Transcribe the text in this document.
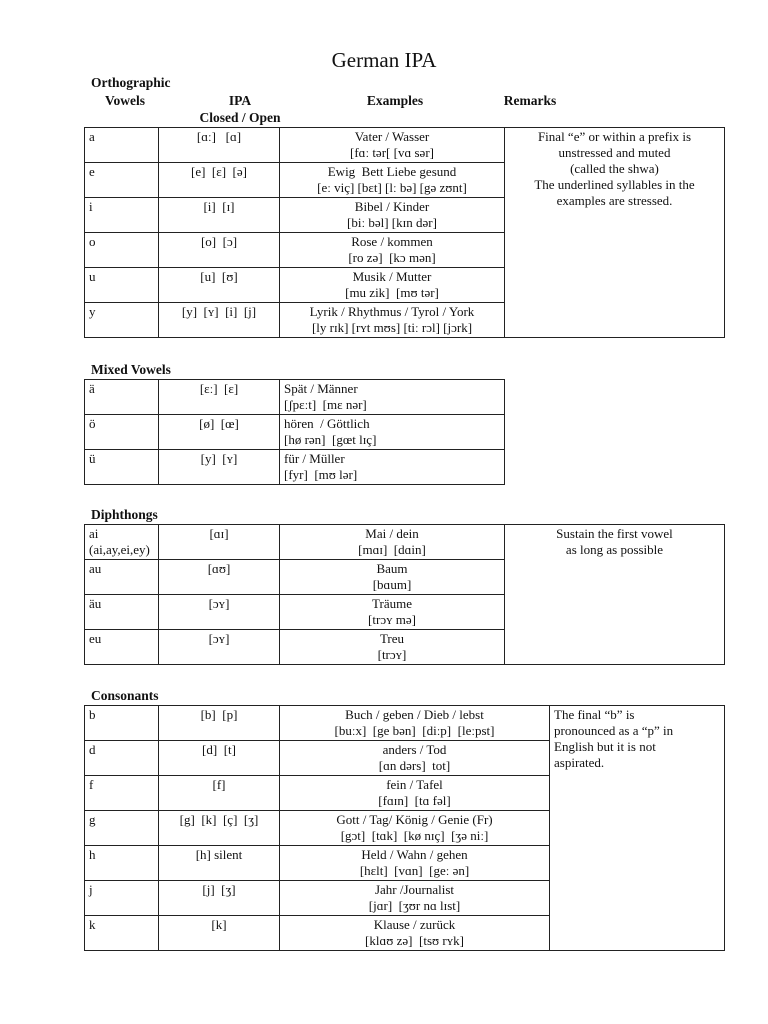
German IPA
Orthographic
Vowels	IPA
Closed / Open
Examples	Remarks
a	[ɑː]   [ɑ]	Vater / Wasser
[fɑː tər[ [vɑ sər]	Final “e” or within a prefix is
unstressed and muted
(called the shwa)
The underlined syllables in the
examples are stressed.

e	[e]  [ɛ]  [ə]	Ewig  Bett Liebe gesund
[eː viç] [bɛt] [lː bə] [gə zʊnt]	

i	[i]  [ɪ]	Bibel / Kinder
[biː bəl] [kɪn dər]	

o	[o]  [ɔ]	Rose / kommen
[ro zə]  [kɔ mən]	

u	[u]  [ʊ]	Musik / Mutter
[mu zik]  [mʊ tər]	

y	[y]  [ʏ]  [i]  [j]	Lyrik / Rhythmus / Tyrol / York
[ly rɪk] [rʏt mʊs] [tiː rɔl] [jɔrk]	
Mixed Vowels
ä	[ɛː]  [ɛ]	Spät / Männer
[ʃpɛːt]  [mɛ nər]

ö	[ø]  [œ]	hören  / Göttlich
[hø rən]  [gœt lɪç]

ü	[y]  [ʏ]	für / Müller
[fyr]  [mʊ lər]
Diphthongs
ai
(ai,ay,ei,ey)	[ɑɪ]	Mai / dein
[mɑɪ]  [dɑin]	Sustain the first vowel
as long as possible

au	[ɑʊ]	Baum
[bɑum]	

äu	[ɔʏ]	Träume
[trɔʏ mə]	

eu	[ɔʏ]	Treu
[trɔʏ]	
Consonants
b	[b]  [p]	Buch / geben / Dieb / lebst
[buːx]  [ge bən]  [diːp]  [leːpst]	The final “b” is
pronounced as a “p” in
English but it is not
aspirated.

d	[d]  [t]	anders / Tod
[ɑn dərs]  tot]	

f	[f]	fein / Tafel
[fɑɪn]  [tɑ fəl]	

g	[g]  [k]  [ç]  [ʒ]	Gott / Tag/ König / Genie (Fr)
[gɔt]  [tɑk]  [kø nɪç]  [ʒə niː]	

h	[h] silent	Held / Wahn / gehen
[hɛlt]  [vɑn]  [geː ən]	

j	[j]  [ʒ]	Jahr /Journalist
[jɑr]  [ʒʊr nɑ lɪst]	

k	[k]	Klause / zurück
[klɑʊ zə]  [tsʊ rʏk]	
